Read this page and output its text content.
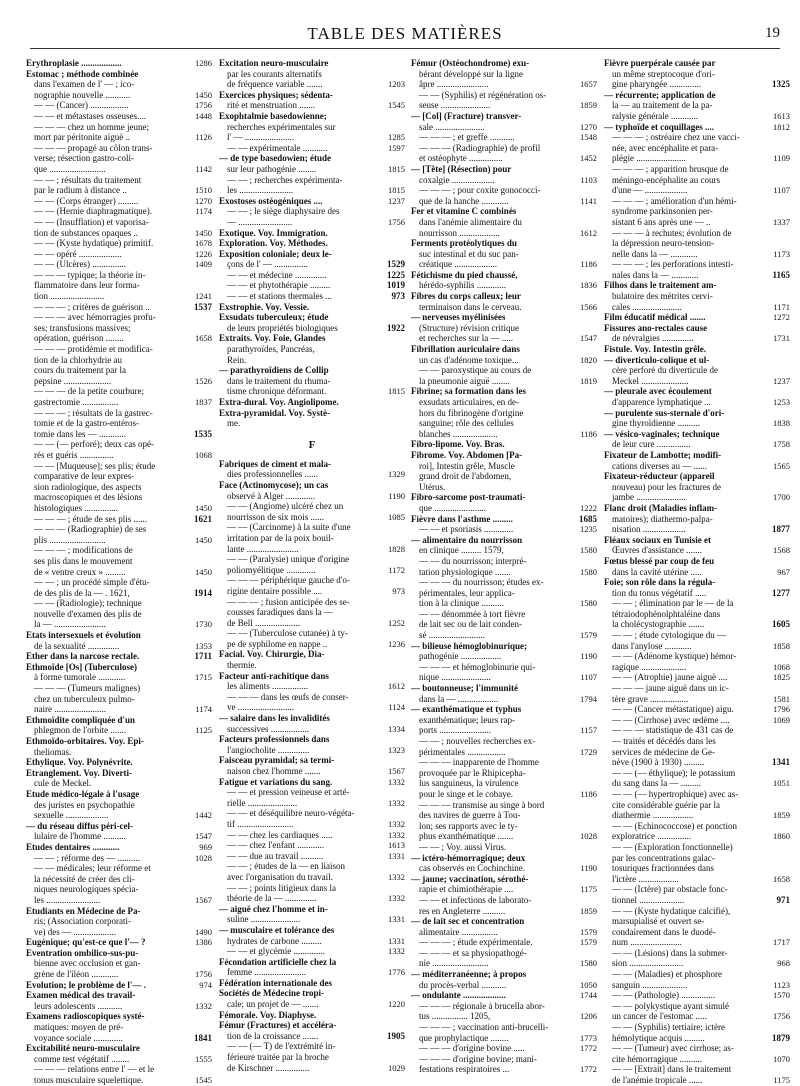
TABLE DES MATIÈRES	19
Erythroplasie ..................	1286
Estomac ; méthode combinée
dans l'examen de l' — ; ico-
nographie nouvelle ...........	1450
— — (Cancer) .................	1756
— — et métastases osseuses....	1448
— — — chez un homme jeune;
mort par péritonite aiguë ..	1126
— — — propagé au côlon trans-
verse; résection gastro-coli-
que .........................	1142
— — ; résultats du traitement
par le radium à distance ..	1510
— — (Corps étranger) .........	1270
— — (Hernie diaphragmatique).	1174
— — (Insufflation) et vaporisa-
tion de substances opaques ..	1450
— — (Kyste hydatique) primitif.	1678
— — opéré ...................	1226
— — (Ulcères) ...............	1409
— — — typique; la théorie in-
flammatoire dans leur forma-
tion ........................	1241
— — — ; critères de guérison ..	1537
— — — avec hémorragies profu-
ses; transfusions massives;
opération, guérison ........	1658
— — — protidémie et modifica-
tion de la chlorhydrie au
cours du traitement par la
pepsine .....................	1526
— — — de la petite courbure;
gastrectomie ................	1837
— — — ; résultats de la gastrec-
tomie et de la gastro-entéros-
tomie dans les — ............	1535
— — (— perforé); deux cas opé-
rés et guéris ...............	1068
— — [Muqueuse]; ses plis; étude
comparative de leur expres-
sion radiologique, des aspects
macroscopiques et des lésions
histologiques ...............	1450
— — — ; étude de ses plis ......	1621
— — — (Radiographie) de ses
plis .........................	1450
— — — ; modifications de
ses plis dans le mouvement
de « ventre creux » .........	1450
— — ; un procédé simple d'étu-
de des plis de la — . 1621,	1914
— — (Radiologie); technique
nouvelle d'examen des plis de
la — .......................	1730
Etats intersexuels et évolution
de la sexualité ..............	1353
Ether dans la narcose rectale.	1711
Ethmoïde [Os] (Tuberculose)
à forme tumorale ............	1715
— — — (Tumeurs malignes)
chez un tuberculeux pulmo-
naire .......................	1174
Ethmoïdite compliquée d'un
phlegmon de l'orbite .......	1125
Ethmoïdo-orbitaires. Voy. Epi-
theliomas.
Ethylique. Voy. Polynévrite.
Etranglement. Voy. Diverti-
cule de Meckel.
Etude médico-légale à l'usage
des juristes en psychopathie
sexuelle ...................	1442
— du réseau diffus péri-cel-
lulaire de l'homme ..........	1547
Etudes dentaires ............	969
— — ; réforme des — ..........	1028
— — médicales; leur réforme et
la nécessité de créer des cli-
niques neurologiques spécia-
les ........................	1567
Etudiants en Médecine de Pa-
ris; (Association corporati-
ve) des — ...................	1490
Eugénique; qu'est-ce que l'— ?	1386
Eventration ombilico-sus-pu-
bienne avec occlusion et gan-
grène de l'iléon ............	1756
Evolution; le problème de l'— .	974
Examen médical des travail-
leurs adolescents ...........	1332
Examens radioscopiques systé-
matiques: moyen de pré-
voyance sociale .............	1841
Excitabilité neuro-musculaire
comme test végétatif ........	1555
— — — relations entre l' — et le
tonus musculaire squelettique.	1545
Excitation neuro-musculaire
par les courants alternatifs
de fréquence variable .......	1203
Exercices physiques; sédenta-
rité et menstruation .......	1545
Exophtalmie basedowienne;
recherches expérimentales sur
l' — ......................	1285
— — expérimentale ...........	1597
— de type basedowien; étude
sur leur pathogénie ........	1815
— — ; recherches expérimenta-
les ........................	1815
Exostoses ostéogéniques ....	1237
— — ; le siège diaphysaire des
— ........................	1756
Exotique. Voy. Immigration.
Exploration. Voy. Méthodes.
Exposition coloniale; deux le-
çons de l' — ...............	1529
— — et médecine ..............	1225
— — et phytothérapie .........	1019
— — et stations thermales ...	973
Exstrophie. Voy. Vessie.
Exsudats tuberculeux; étude
de leurs propriétés biologiques	1922
Extraits. Voy. Foie, Glandes
parathyroïdes, Pancréas,
Rein.
— parathyroïdiens de Collip
dans le traitement du rhuma-
tisme chronique déformant.	1815
Extra-dural. Voy. Angiolipome.
Extra-pyramidal. Voy. Systè-
me.
F
Fabriques de ciment et mala-
dies professionnelles ......	1329
Face (Actinomycose); un cas
observé à Alger .............	1190
— — (Angiome) ulcéré chez un
nourrisson de six mois ......	1085
— — (Carcinome) à la suite d'une
irritation par de la poix bouil-
lante .......................	1828
— — (Paralysie) unique d'origine
poliomyélitique .............	1172
— — — périphérique gauche d'o-
rigine dentaire possible ....	973
— — — ; fusion anticipée des se-
cousses faradiques dans la —
de Bell ....................	1252
— — (Tuberculose cutanée) à ty-
pe de syphilome en nappe ..	1236
Facial. Voy. Chirurgie, Dia-
thermie.
Facteur anti-rachitique dans
les aliments ................	1612
— — — dans les œufs de conser-
ve .........................	1124
— salaire dans les invalidités
successives .................	1334
Facteurs professionnels dans
l'angiocholite ..............	1323
Faisceau pyramidal; sa termi-
naison chez l'homme .......	1567
Fatigue et variations du sang.	1332
— — et pression veineuse et arté-
rielle ......................	1332
— — et déséquilibre neuro-végéta-
tif .........................	1332
— — chez les cardiaques .....	1332
— — chez l'enfant ............	1613
— — due au travail ..........	1331
— — ; études de la — en liaison
avec l'organisation du travail.	1332
— — ; points litigieux dans la
théorie de la — ..............	1332
— aiguë chez l'homme et in-
suline ......................	1331
— musculaire et tolérance des
hydrates de carbone .........	1331
— — et glycémie ..............	1332
Fécondation artificielle chez la
femme .......................	1776
Fédération internationale des
Sociétés de Médecine tropi-
cale; un projet de — .......	1220
Fémorale. Voy. Diaphyse.
Fémur (Fractures) et accéléra-
tion de la croissance .......	1905
— — (— T) de l'extrémité in-
férieure traitée par la broche
de Kirschner ...............	1029
Fémur (Ostéochondrome) exu-
bérant développé sur la ligne
âpre .......................	1657
— — (Syphilis) et régénération os-
seuse ......................	1859
— [Col] (Fracture) transver-
sale ......................	1270
— — — ; et greffe ...........	1548
— — — (Radiographie) de profil
et ostéophyte ...............	1452
— [Tête] (Résection) pour
coxalgie ...................	1103
— — — ; pour coxite gonococci-
que de la hanche ............	1141
Fer et vitamine C combinés
dans l'anémie alimentaire du
nourrisson ..................	1612
Ferments protéolytiques du
suc intestinal et du suc pan-
créatique ...................	1186
Fétichisme du pied chaussé,
hérédo-syphilis .............	1836
Fibres du corps calleux; leur
terminaison dans le cerveau.	1566
— nerveuses myélinisées
(Structure) révision critique
et recherches sur la — .....	1547
Fibrillation auriculaire dans
un cas d'adénome toxique...	1820
— — paroxystique au cours de
la pneumonie aiguë ........	1819
Fibrine; sa formation dans les
exsudats articulaires, en de-
hors du fibrinogène d'origine
sanguine; rôle des cellules
blanches ....................	1186
Fibro-lipome. Voy. Bras.
Fibrome. Voy. Abdomen [Pa-
roi], Intestin grêle, Muscle
grand droit de l'abdomen,
Utérus.
Fibro-sarcome post-traumati-
que .......................	1222
Fièvre dans l'asthme .........	1685
— — et psoriasis .............	1235
— alimentaire du nourrisson
en clinique ......... 1579,	1580
— — du nourrisson; interpré-
tation physiologique .......	1580
— — — du nourrisson; études ex-
périmentales, leur applica-
tion à la clinique ..........	1580
— — dénommée à tort fièvre
de lait sec ou de lait conden-
sé .........................	1579
— bilieuse hémoglobinurique;
pathogénie ..................	1190
— — — et hémoglobinurie qui-
nique ......................	1107
— boutonneuse; l'immunité
dans la — ..................	1794
— exanthématique et typhus
exanthématique; leurs rap-
ports .......................	1157
— — ; nouvelles recherches ex-
périmentales .................	1729
— — — inapparente de l'homme
provoquée par le Rhipicepha-
lus sanguineus, la virulence
pour le singe et le cobaye.	1186
— — — transmise au singe à bord
des navires de guerre à Tou-
lon; ses rapports avec le ty-
phus exanthématique .......	1028
— — ; Voy. aussi Virus.
— ictéro-hémorragique; deux
cas observés en Cochinchine.	1190
— jaune; vaccination, sérothé-
rapie et chimiothérapie ....	1175
— — et infections de laborato-
res en Angleterre ..........	1859
— de lait sec et concentration
alimentaire ................	1579
— — — ; étude expérimentale.	1579
— — — et sa physiopathogé-
nie .........................	1580
— méditerranéenne; à propos
du procès-verbal ...........	1050
— ondulante ...................	1744
— — — régionale à brucella abor-
tus ................ 1205,	1206
— — — ; vaccination anti-brucelli-
que prophylactique ........	1773
— — — d'origine bovine .....	1772
— — — d'origine bovine; mani-
festations respiratoires ...	1772
Fièvre puerpérale causée par
un même streptocoque d'ori-
gine pharyngée ..............	1325
— récurrente; application de
la — au traitement de la pa-
ralysie générale ............	1613
— typhoïde et coquillages ....	1812
— — — ; ostréaire chez une vacci-
née, avec encéphalite et para-
plégie ......................	1109
— — — ; apparition brusque de
méningo-encéphalite au cours
d'une — ...................	1107
— — — ; amélioration d'un hémi-
syndrome parkinsonien per-
sistant 6 ans après une — ..	1337
— — — à rechutes; évolution de
la dépression neuro-tension-
nelle dans la — ............	1173
— — — ; les perforations intesti-
nales dans la — ............	1165
Filhos dans le traitement am-
bulatoire des métrites cervi-
cales ......................	1171
Film éducatif médical .......	1272
Fissures ano-rectales cause
de névralgies ..............	1731
Fistule. Voy. Intestin grêle.
— diverticulo-colique et ul-
cère perforé du diverticule de
Meckel .....................	1237
— pleurale avec écoulement
d'apparence lymphatique ...	1253
— purulente sus-sternale d'ori-
gine thyroïdienne ..........	1838
— vésico-vaginales; technique
de leur cure ...............	1758
Fixateur de Lambotte; modifi-
cations diverses au — ......	1565
Fixateur-réducteur (appareil
nouveau) pour les fractures de
jambe ......................	1700
Flanc droit (Maladies inflam-
matoires); diathermo-palpa-
nisation ...................	1877
Fléaux sociaux en Tunisie et
Œuvres d'assistance .......	1568
Fœtus blessé par coup de feu
dans la cavité utérine .....	967
Foie; son rôle dans la régula-
tion du tonus végétatif .....	1277
— — ; élimination par le — de la
tétraiodophénolphtaléine dans
la cholécystographie .......	1605
— — ; étude cytologique du —
dans l'anylose ............	1858
— — (Adénome kystique) hémor-
ragique ....................	1068
— — (Atrophie) jaune aiguë ....	1825
— — — jaune aiguë dans un ic-
tère grave .................	1581
— — (Cancer métastatique) aigu.	1796
— — (Cirrhose) avec œdème ....	1069
— — — statistique de 431 cas de
— traités et décédés dans les
services de médecine de Ge-
nève (1900 à 1930) .........	1341
— — (— éthylique); le potassium
du sang dans la — .........	1051
— — (— hypertrophique) avec as-
cite considérable guérie par la
diathermie ..................	1859
— — (Echinococcose) et ponction
exploratrice ...............	1860
— — (Exploration fonctionnelle)
par les concentrations galac-
tosuriques fractionnées dans
l'ictère ..................	1658
— — (Ictère) par obstacle fonc-
tionnel ....................	971
— — (Kyste hydatique calcifié),
marsupialisé et ouvert se-
condairement dans le duodé-
num .......................	1717
— — (Lésions) dans la submer-
sion ........................	968
— — (Maladies) et phosphore
sanguin ....................	1123
— — (Pathologie) ...............	1570
— — polykystique ayant simulé
un cancer de l'estomac .....	1756
— — (Syphilis) tertiaire; ictère
hémolytique acquis .........	1879
— — (Tumeur) avec cirrhose; as-
cite hémorragique ..........	1070
— — [Extrait] dans le traitement
de l'anémie tropicale ......	1175
